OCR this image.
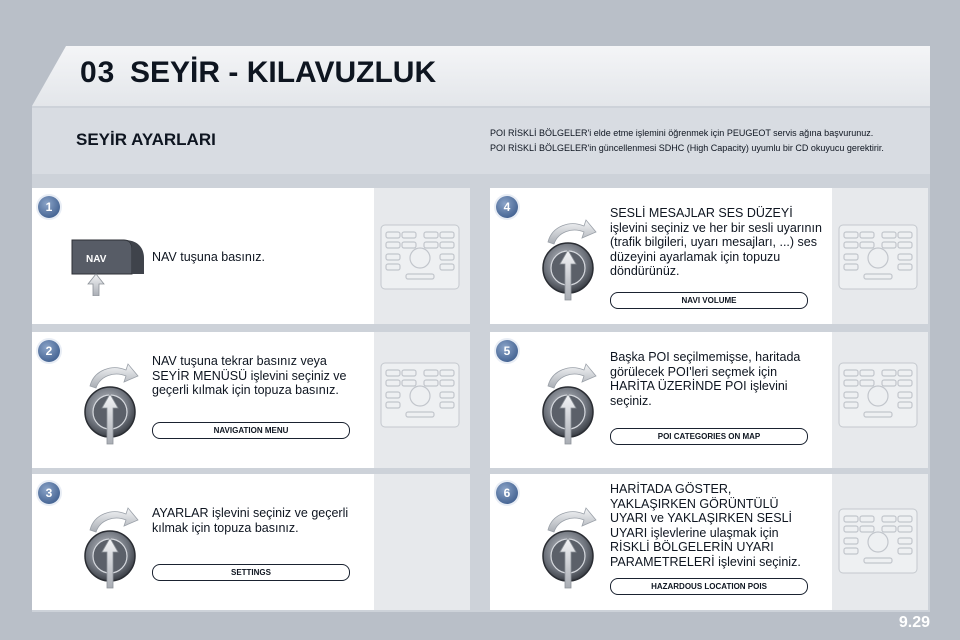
03 SEYİR - KILAVUZLUK
SEYİR AYARLARI	POI RİSKLİ BÖLGELER'i elde etme işlemini öğrenmek için PEUGEOT servis ağına başvurunuz.
POI RİSKLİ BÖLGELER'in güncellenmesi SDHC (High Capacity) uyumlu bir CD okuyucu gerektirir.
1
NAV	NAV tuşuna basınız.

2

NAV tuşuna tekrar basınız veya SEYİR MENÜSÜ işlevini seçiniz ve geçerli kılmak için topuza basınız.

NAVIGATION MENU
3

AYARLAR işlevini seçiniz ve geçerli kılmak için topuza basınız.

SETTINGS
4	SESLİ MESAJLAR SES DÜZEYİ işlevini seçiniz ve her bir sesli uyarının (trafik bilgileri, uyarı mesajları, ...) ses düzeyini ayarlamak için topuzu döndürünüz.

NAVI VOLUME
5	Başka POI seçilmemişse, haritada görülecek POI'leri seçmek için HARİTA ÜZERİNDE POI işlevini seçiniz.

POI CATEGORIES ON MAP
6	HARİTADA GÖSTER, YAKLAŞIRKEN GÖRÜNTÜLÜ UYARI ve YAKLAŞIRKEN SESLİ UYARI işlevlerine ulaşmak için RİSKLİ BÖLGELERİN UYARI PARAMETRELERİ işlevini seçiniz.

HAZARDOUS LOCATION POIS
9.29
